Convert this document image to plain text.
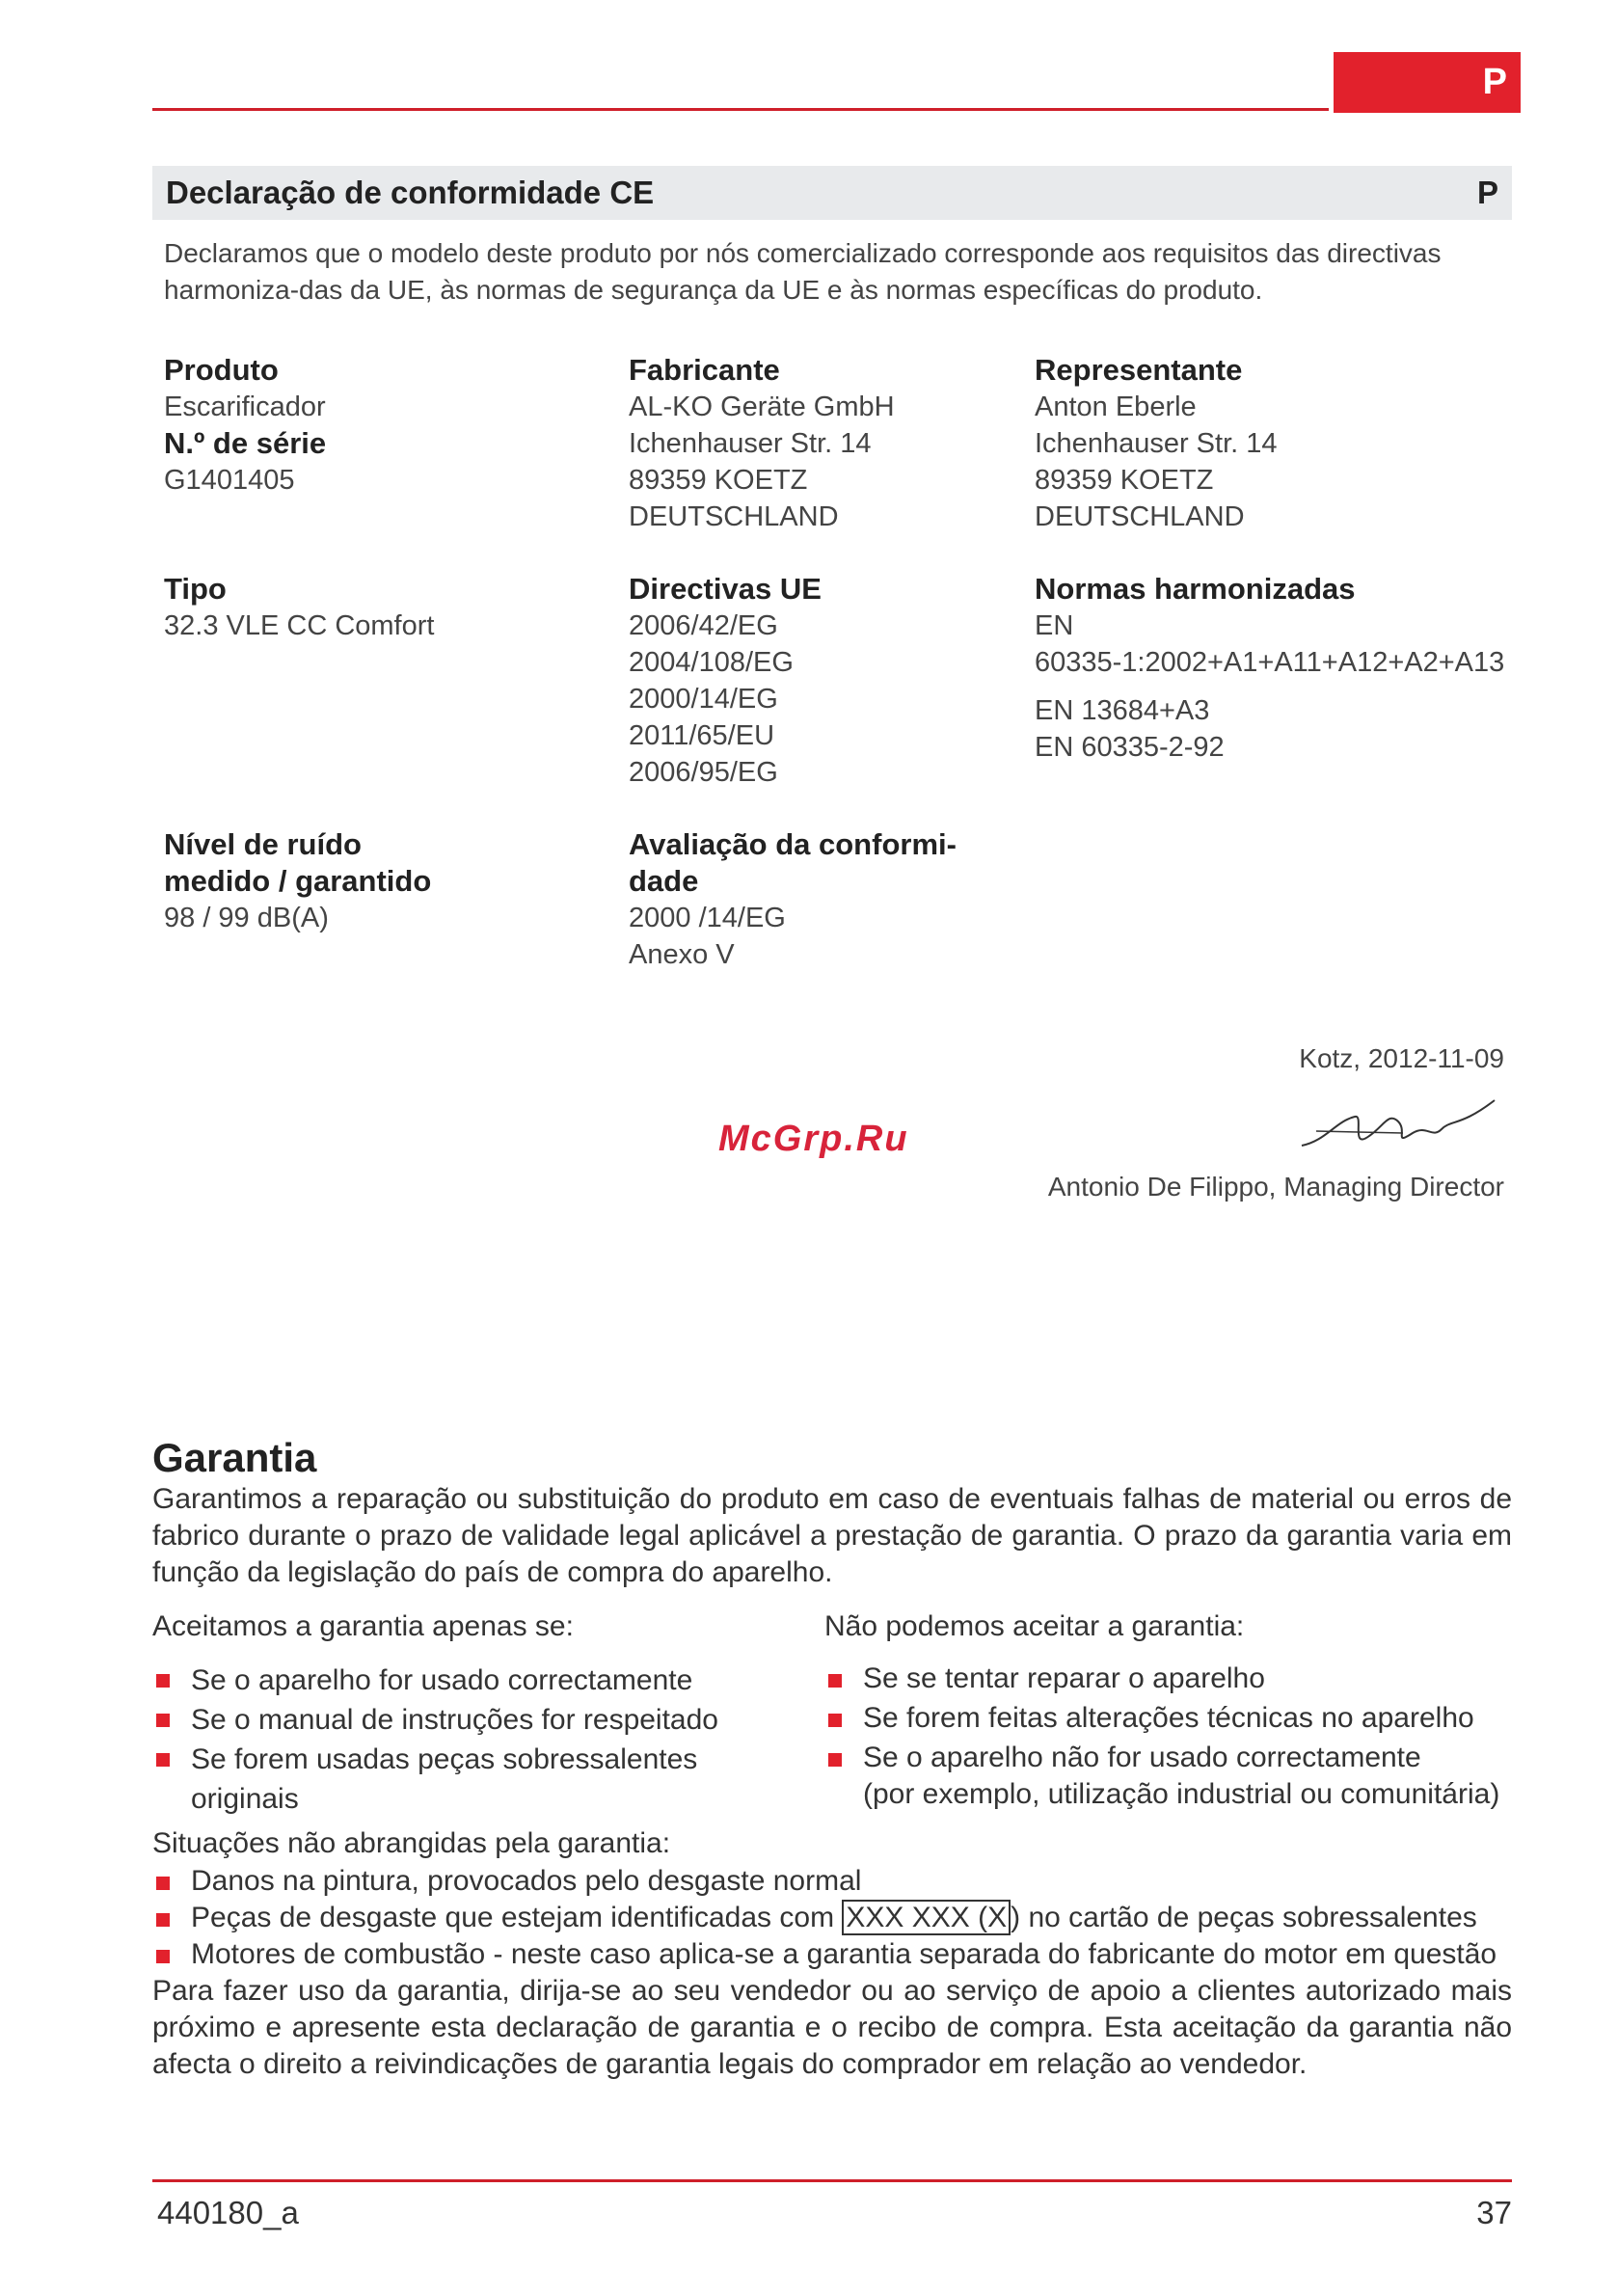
P
Declaração de conformidade CE	P
Declaramos que o modelo deste produto por nós comercializado corresponde aos requisitos das directivas harmoniza-das da UE, às normas de segurança da UE e às normas específicas do produto.
Produto
Escarificador
N.º de série
G1401405
Fabricante
AL-KO Geräte GmbH
Ichenhauser Str. 14
89359 KOETZ
DEUTSCHLAND
Representante
Anton Eberle
Ichenhauser Str. 14
89359 KOETZ
DEUTSCHLAND
Tipo
32.3 VLE CC Comfort
Directivas UE
2006/42/EG
2004/108/EG
2000/14/EG
2011/65/EU
2006/95/EG
Normas harmonizadas
EN
60335-1:2002+A1+A11+A12+A2+A13
EN 13684+A3
EN 60335-2-92
Nível de ruído
medido / garantido
98 / 99 dB(A)
Avaliação da conformi-
dade
2000 /14/EG
Anexo V
Kotz, 2012-11-09
Antonio De Filippo, Managing Director
McGrp.Ru
Garantia
Garantimos a reparação ou substituição do produto em caso de eventuais falhas de material ou erros de fabrico durante o prazo de validade legal aplicável a prestação de garantia. O prazo da garantia varia em função da legislação do país de compra do aparelho.
Aceitamos a garantia apenas se:
Se o aparelho for usado correctamente
Se o manual de instruções for respeitado
Se forem usadas peças sobressalentes originais
Não podemos aceitar a garantia:
Se se tentar reparar o aparelho
Se forem feitas alterações técnicas no aparelho
Se o aparelho não for usado correctamente
(por exemplo, utilização industrial ou comunitária)
Situações não abrangidas pela garantia:
Danos na pintura, provocados pelo desgaste normal
Peças de desgaste que estejam identificadas com XXX XXX (X ) no cartão de peças sobressalentes
Motores de combustão - neste caso aplica-se a garantia separada do fabricante do motor em questão
Para fazer uso da garantia, dirija-se ao seu vendedor ou ao serviço de apoio a clientes autorizado mais próximo e apresente esta declaração de garantia e o recibo de compra. Esta aceitação da garantia não afecta o direito a reivindicações de garantia legais do comprador em relação ao vendedor.
440180_a	37
